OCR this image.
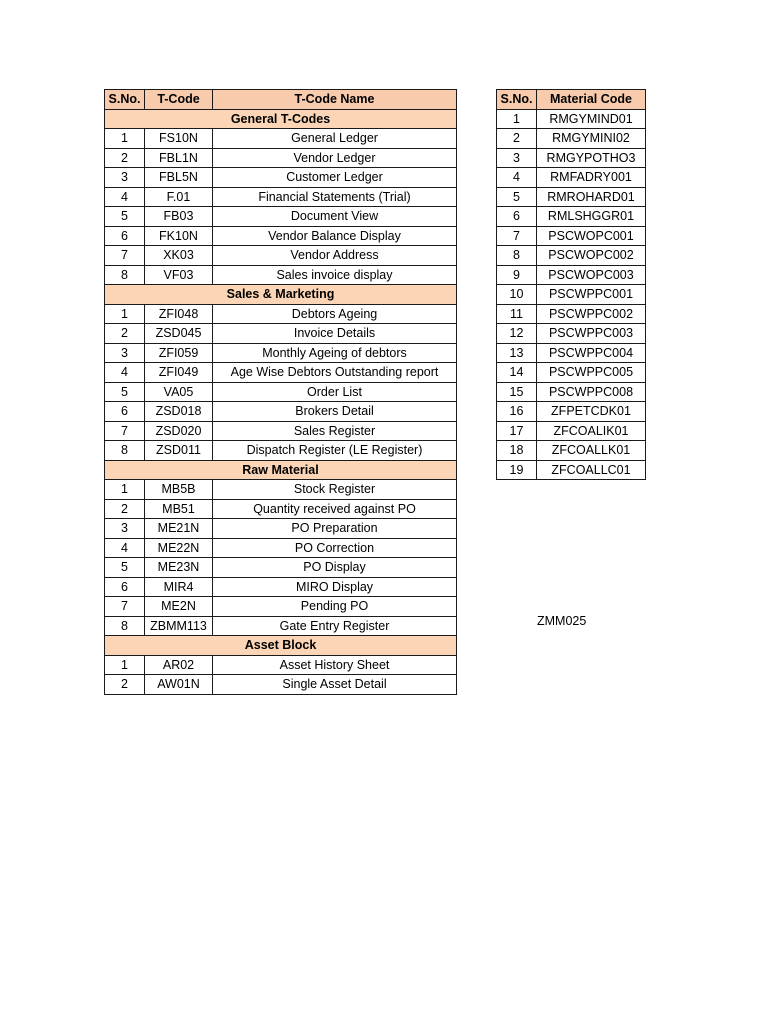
S.No.	T-Code	T-Code Name
General T-Codes		
1	FS10N	General Ledger
2	FBL1N	Vendor Ledger
3	FBL5N	Customer Ledger
4	F.01	Financial Statements (Trial)
5	FB03	Document View
6	FK10N	Vendor Balance Display
7	XK03	Vendor Address
8	VF03	Sales invoice display
Sales & Marketing		
1	ZFI048	Debtors Ageing
2	ZSD045	Invoice Details
3	ZFI059	Monthly Ageing of debtors
4	ZFI049	Age Wise Debtors Outstanding report
5	VA05	Order List
6	ZSD018	Brokers Detail
7	ZSD020	Sales Register
8	ZSD011	Dispatch Register (LE Register)
Raw Material		
1	MB5B	Stock Register
2	MB51	Quantity received against PO
3	ME21N	PO Preparation
4	ME22N	PO Correction
5	ME23N	PO Display
6	MIR4	MIRO Display
7	ME2N	Pending PO
8	ZBMM113	Gate Entry Register
Asset Block		
1	AR02	Asset History Sheet
2	AW01N	Single Asset Detail
S.No.	Material Code
1	RMGYMIND01
2	RMGYMINI02
3	RMGYPOTHO3
4	RMFADRY001
5	RMROHARD01
6	RMLSHGGR01
7	PSCWOPC001
8	PSCWOPC002
9	PSCWOPC003
10	PSCWPPC001
11	PSCWPPC002
12	PSCWPPC003
13	PSCWPPC004
14	PSCWPPC005
15	PSCWPPC008
16	ZFPETCDK01
17	ZFCOALIK01
18	ZFCOALLK01
19	ZFCOALLC01
ZMM025
